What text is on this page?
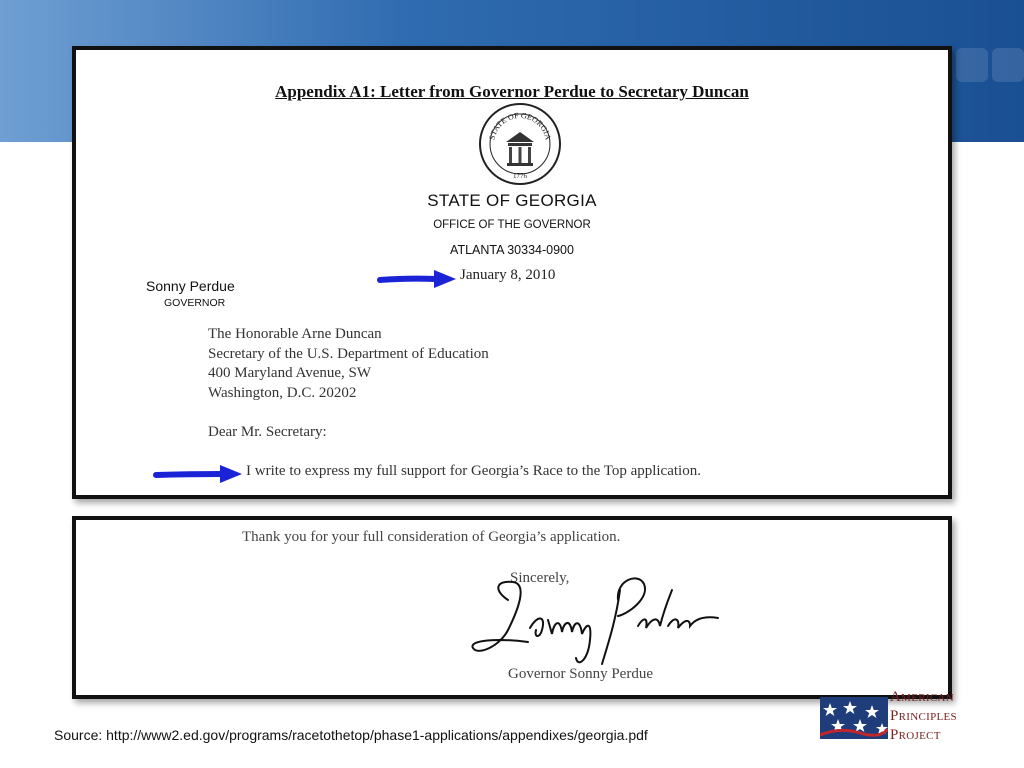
Appendix A1: Letter from Governor Perdue to Secretary Duncan
STATE OF GEORGIA
1776
STATE OF GEORGIA
OFFICE OF THE GOVERNOR
ATLANTA 30334-0900
January 8, 2010
Sonny Perdue
GOVERNOR
The Honorable Arne Duncan
Secretary of the U.S. Department of Education
400 Maryland Avenue, SW
Washington, D.C. 20202
Dear Mr. Secretary:
I write to express my full support for Georgia’s Race to the Top application.
Thank you for your full consideration of Georgia’s application.
Sincerely,
Governor Sonny Perdue
Source: http://www2.ed.gov/programs/racetothetop/phase1-applications/appendixes/georgia.pdf
American
Principles
Project
